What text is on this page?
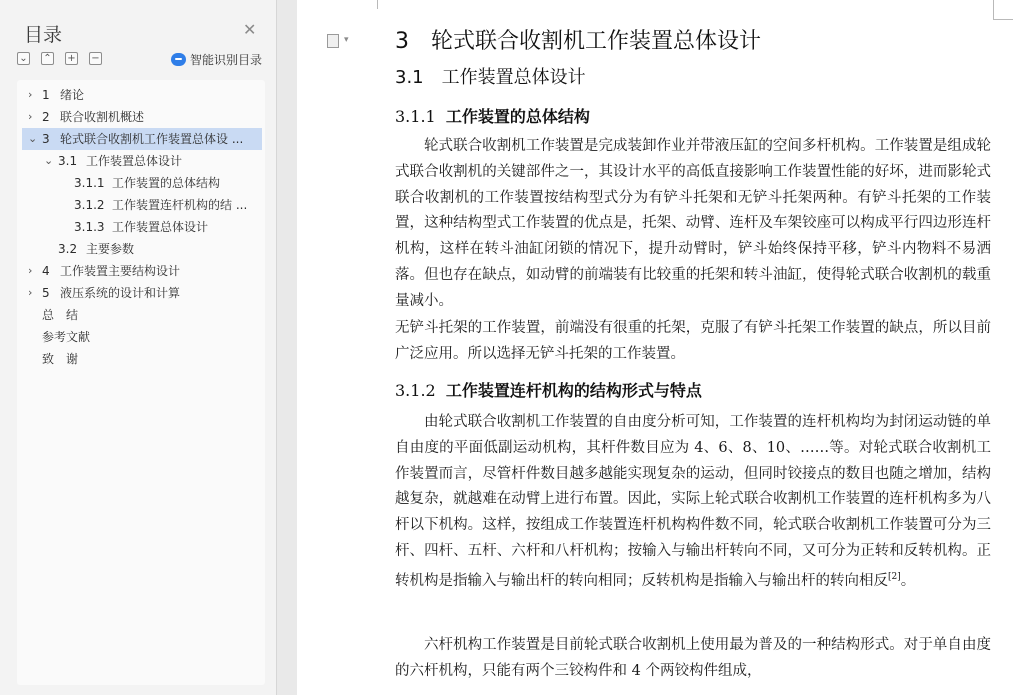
目录	✕
⌄ ⌃ + −	智能识别目录
› 1 绪论
› 2 联合收割机概述
⌄ 3 轮式联合收割机工作装置总体设 ...
⌄ 3.1 工作装置总体设计
3.1.1 工作装置的总体结构
3.1.2 工作装置连杆机构的结 ...
3.1.3 工作装置总体设计
3.2 主要参数
› 4 工作装置主要结构设计
› 5 液压系统的设计和计算
总　结
参考文献
致　谢
▾
3　轮式联合收割机工作装置总体设计
3.1　工作装置总体设计
3.1.1 工作装置的总体结构
轮式联合收割机工作装置是完成装卸作业并带液压缸的空间多杆机构。工作装置是组成轮式联合收割机的关键部件之一，其设计水平的高低直接影响工作装置性能的好坏，进而影轮式联合收割机的工作装置按结构型式分为有铲斗托架和无铲斗托架两种。有铲斗托架的工作装置，这种结构型式工作装置的优点是，托架、动臂、连杆及车架铰座可以构成平行四边形连杆机构，这样在转斗油缸闭锁的情况下，提升动臂时，铲斗始终保持平移，铲斗内物料不易洒落。但也存在缺点，如动臂的前端装有比较重的托架和转斗油缸，使得轮式联合收割机的载重量减小。
无铲斗托架的工作装置，前端没有很重的托架，克服了有铲斗托架工作装置的缺点，所以目前广泛应用。所以选择无铲斗托架的工作装置。
3.1.2 工作装置连杆机构的结构形式与特点
由轮式联合收割机工作装置的自由度分析可知，工作装置的连杆机构均为封闭运动链的单自由度的平面低副运动机构，其杆件数目应为 4、6、8、10、……等。对轮式联合收割机工作装置而言，尽管杆件数目越多越能实现复杂的运动，但同时铰接点的数目也随之增加，结构越复杂，就越难在动臂上进行布置。因此，实际上轮式联合收割机工作装置的连杆机构多为八杆以下机构。这样，按组成工作装置连杆机构构件数不同，轮式联合收割机工作装置可分为三杆、四杆、五杆、六杆和八杆机构；按输入与输出杆转向不同，又可分为正转和反转机构。正转机构是指输入与输出杆的转向相同；反转机构是指输入与输出杆的转向相反[2]。
六杆机构工作装置是目前轮式联合收割机上使用最为普及的一种结构形式。对于单自由度的六杆机构，只能有两个三铰构件和 4 个两铰构件组成，
